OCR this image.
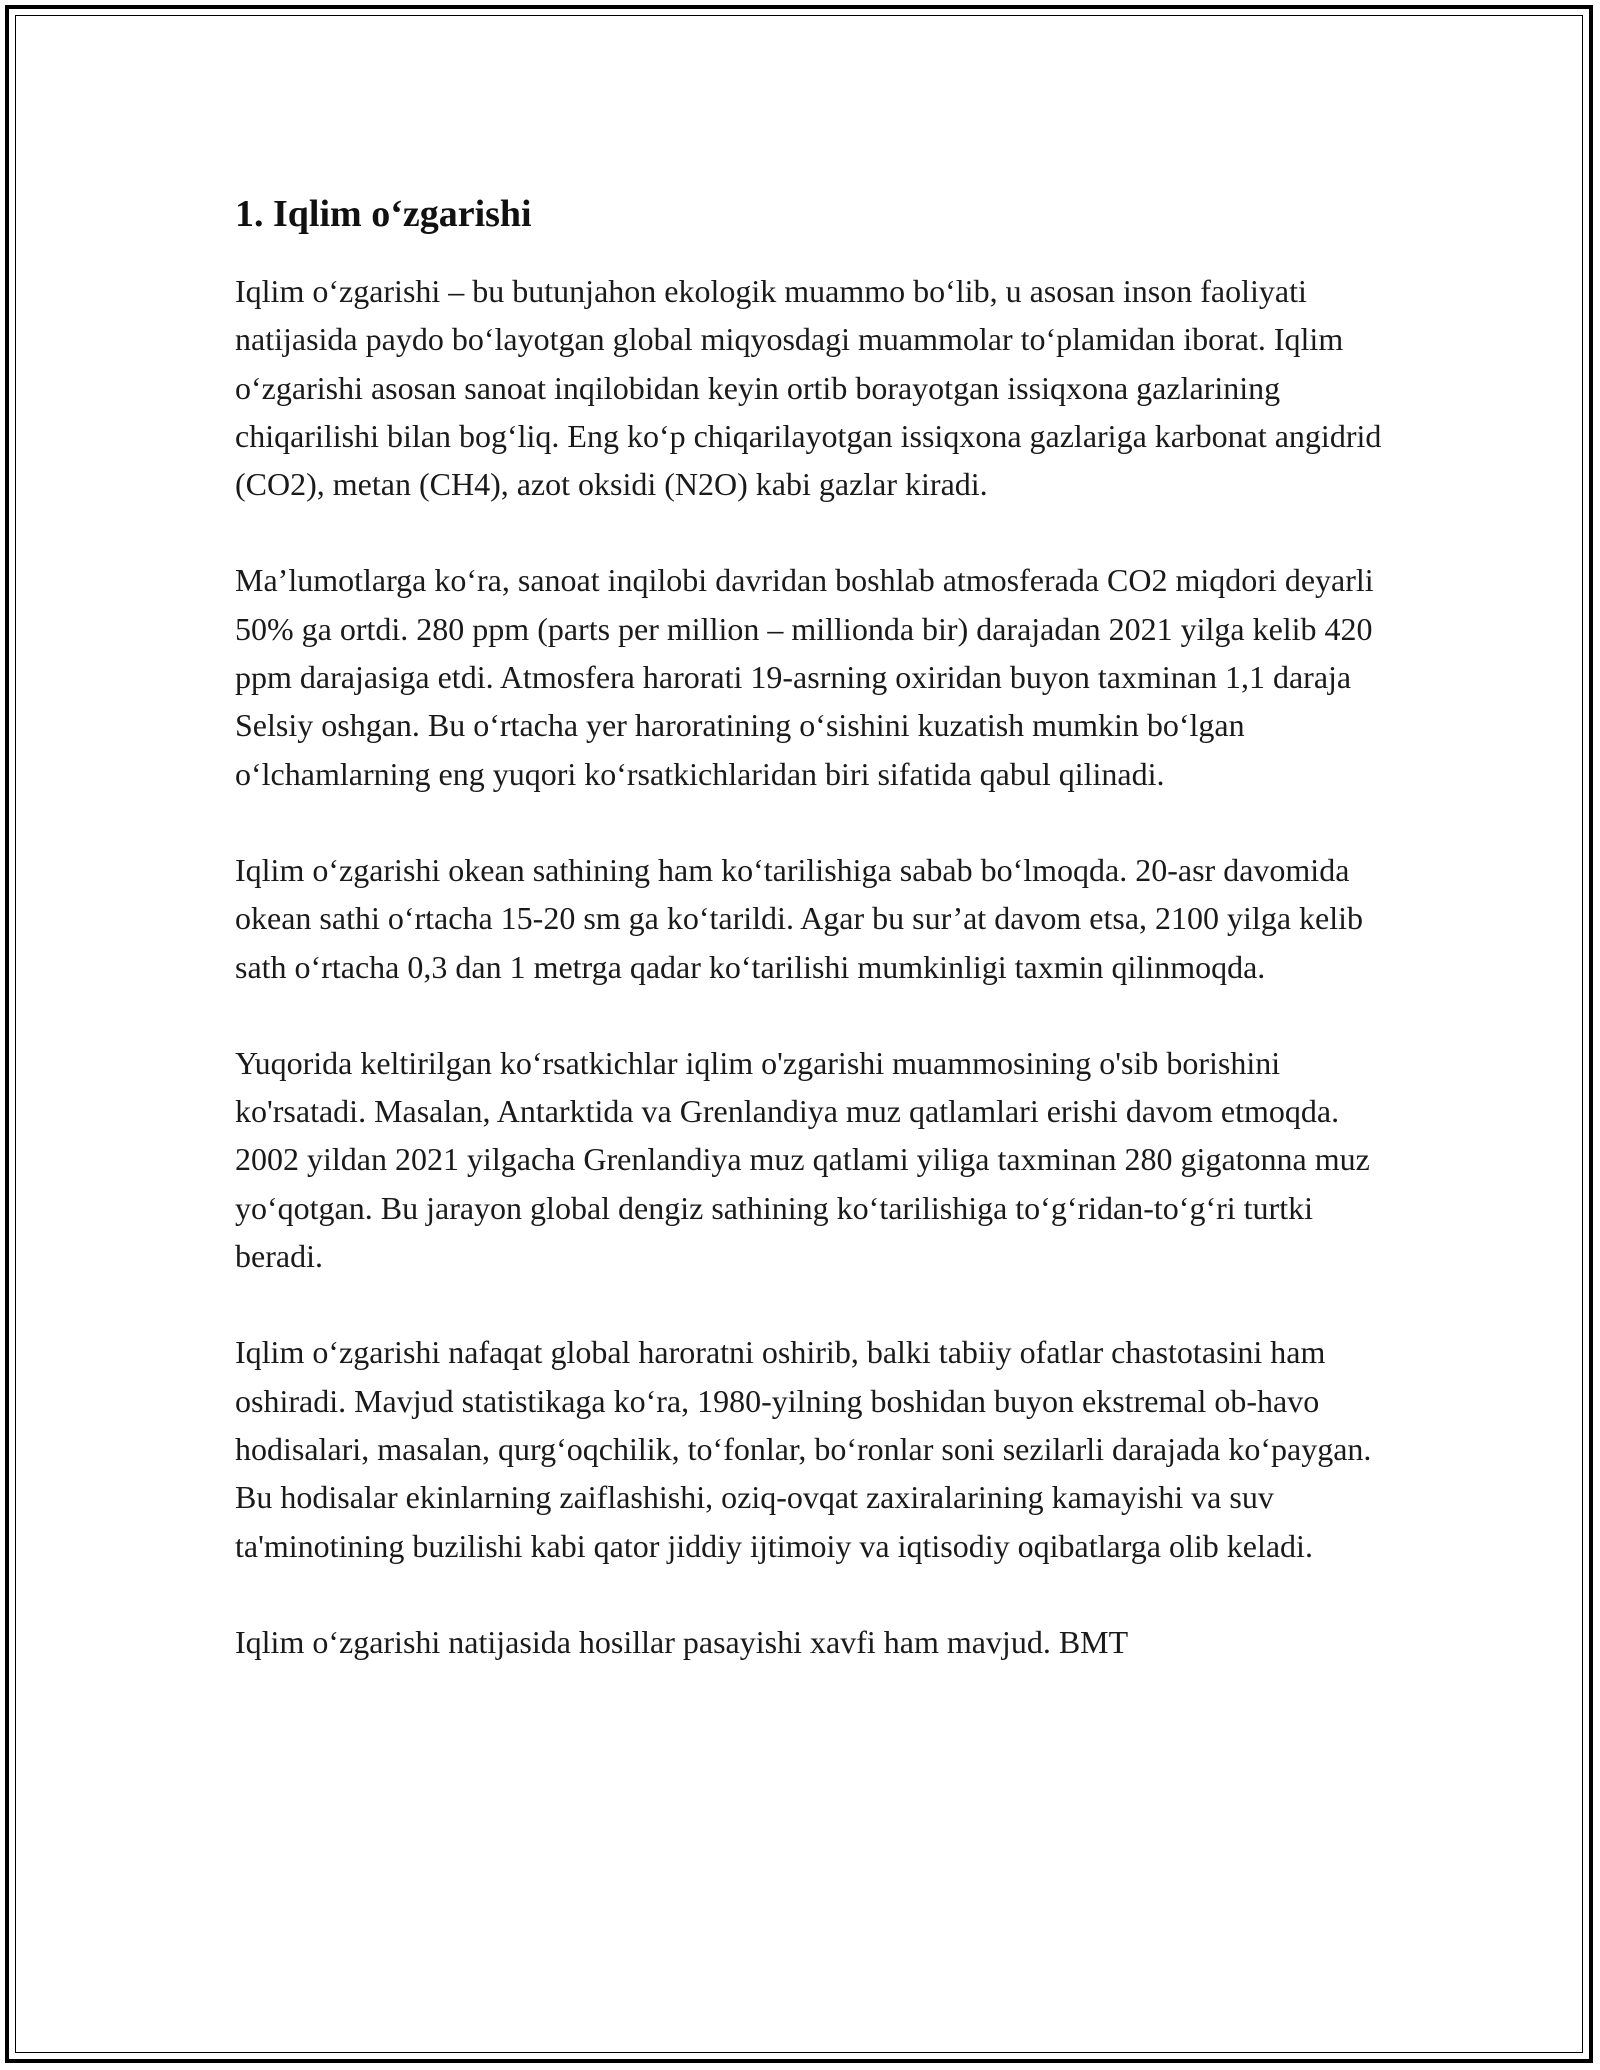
1. Iqlim o‘zgarishi

Iqlim o‘zgarishi – bu butunjahon ekologik muammo bo‘lib, u asosan inson faoliyati natijasida paydo bo‘layotgan global miqyosdagi muammolar to‘plamidan iborat. Iqlim o‘zgarishi asosan sanoat inqilobidan keyin ortib borayotgan issiqxona gazlarining chiqarilishi bilan bog‘liq. Eng ko‘p chiqarilayotgan issiqxona gazlariga karbonat angidrid (CO2), metan (CH4), azot oksidi (N2O) kabi gazlar kiradi.

Ma’lumotlarga ko‘ra, sanoat inqilobi davridan boshlab atmosferada CO2 miqdori deyarli 50% ga ortdi. 280 ppm (parts per million – millionda bir) darajadan 2021 yilga kelib 420 ppm darajasiga etdi. Atmosfera harorati 19-asrning oxiridan buyon taxminan 1,1 daraja Selsiy oshgan. Bu o‘rtacha yer haroratining o‘sishini kuzatish mumkin bo‘lgan o‘lchamlarning eng yuqori ko‘rsatkichlaridan biri sifatida qabul qilinadi.

Iqlim o‘zgarishi okean sathining ham ko‘tarilishiga sabab bo‘lmoqda. 20-asr davomida okean sathi o‘rtacha 15-20 sm ga ko‘tarildi. Agar bu sur’at davom etsa, 2100 yilga kelib sath o‘rtacha 0,3 dan 1 metrga qadar ko‘tarilishi mumkinligi taxmin qilinmoqda.

Yuqorida keltirilgan ko‘rsatkichlar iqlim o'zgarishi muammosining o'sib borishini ko'rsatadi. Masalan, Antarktida va Grenlandiya muz qatlamlari erishi davom etmoqda. 2002 yildan 2021 yilgacha Grenlandiya muz qatlami yiliga taxminan 280 gigatonna muz yo‘qotgan. Bu jarayon global dengiz sathining ko‘tarilishiga to‘g‘ridan-to‘g‘ri turtki beradi.

Iqlim o‘zgarishi nafaqat global haroratni oshirib, balki tabiiy ofatlar chastotasini ham oshiradi. Mavjud statistikaga ko‘ra, 1980-yilning boshidan buyon ekstremal ob-havo hodisalari, masalan, qurg‘oqchilik, to‘fonlar, bo‘ronlar soni sezilarli darajada ko‘paygan. Bu hodisalar ekinlarning zaiflashishi, oziq-ovqat zaxiralarining kamayishi va suv ta'minotining buzilishi kabi qator jiddiy ijtimoiy va iqtisodiy oqibatlarga olib keladi.

Iqlim o‘zgarishi natijasida hosillar pasayishi xavfi ham mavjud. BMT
